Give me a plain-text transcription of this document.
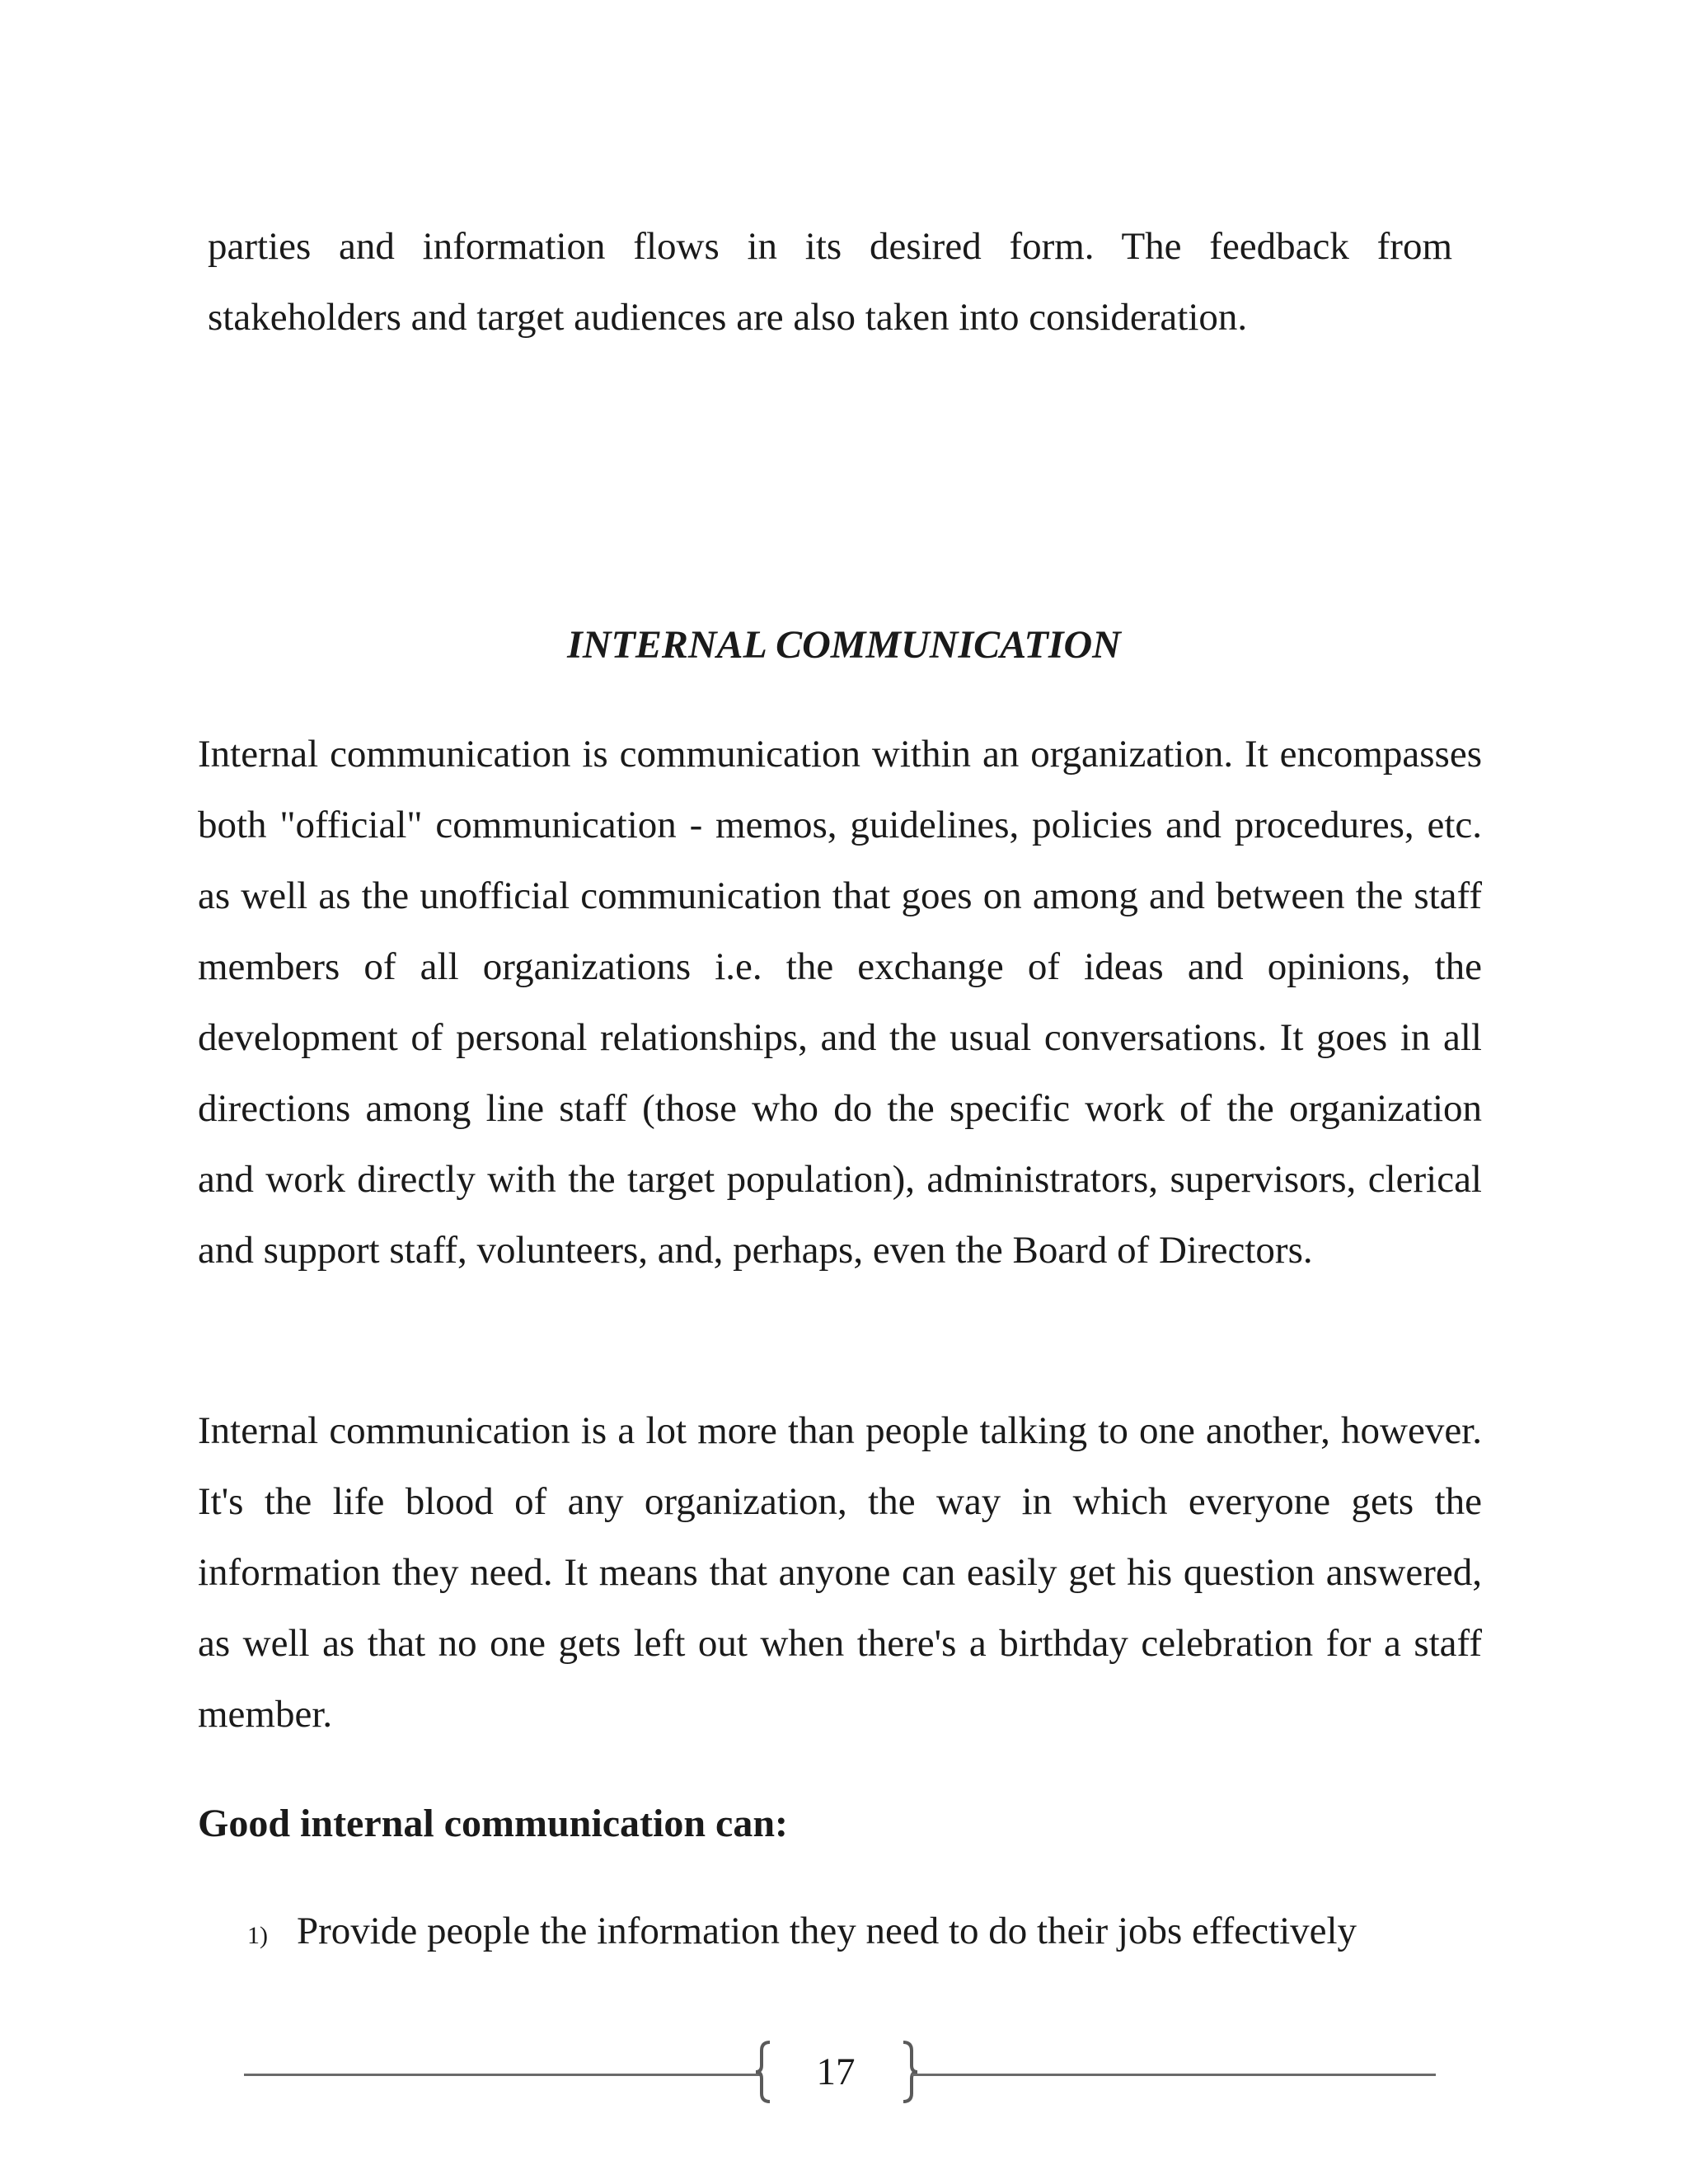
parties and information flows in its desired form. The feedback from stakeholders and target audiences are also taken into consideration.

INTERNAL COMMUNICATION

Internal communication is communication within an organization. It encompasses both "official" communication - memos, guidelines, policies and procedures, etc. as well as the unofficial communication that goes on among and between the staff members of all organizations i.e. the exchange of ideas and opinions, the development of personal relationships, and the usual conversations. It goes in all directions among line staff (those who do the specific work of the organization and work directly with the target population), administrators, supervisors, clerical and support staff, volunteers, and, perhaps, even the Board of Directors.

Internal communication is a lot more than people talking to one another, however. It's the life blood of any organization, the way in which everyone gets the information they need. It means that anyone can easily get his question answered, as well as that no one gets left out when there's a birthday celebration for a staff member.

Good internal communication can:
1) Provide people the information they need to do their jobs effectively
17
